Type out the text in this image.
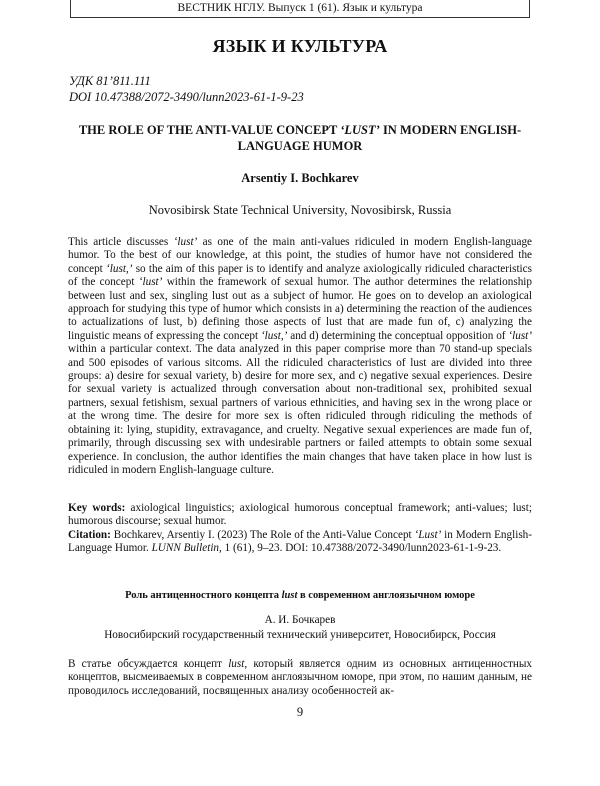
ВЕСТНИК НГЛУ. Выпуск 1 (61). Язык и культура
ЯЗЫК И КУЛЬТУРА
УДК 81’811.111
DOI 10.47388/2072-3490/lunn2023-61-1-9-23
THE ROLE OF THE ANTI-VALUE CONCEPT ‘LUST’ IN MODERN ENGLISH-LANGUAGE HUMOR
Arsentiy I. Bochkarev
Novosibirsk State Technical University, Novosibirsk, Russia

This article discusses ‘lust’ as one of the main anti-values ridiculed in modern English-language humor. To the best of our knowledge, at this point, the studies of humor have not considered the concept ‘lust,’ so the aim of this paper is to identify and analyze axiologically ridiculed characteristics of the concept ‘lust’ within the framework of sexual humor. The author determines the relationship between lust and sex, singling lust out as a subject of humor. He goes on to develop an axiological approach for studying this type of humor which consists in a) determining the reaction of the audiences to actualizations of lust, b) defining those aspects of lust that are made fun of, c) analyzing the linguistic means of expressing the concept ‘lust,’ and d) determining the conceptual opposition of ‘lust’ within a particular context. The data analyzed in this paper comprise more than 70 stand-up specials and 500 episodes of various sitcoms. All the ridiculed characteristics of lust are divided into three groups: a) desire for sexual variety, b) desire for more sex, and c) negative sexual experiences. Desire for sexual variety is actualized through conversation about non-traditional sex, prohibited sexual partners, sexual fetishism, sexual partners of various ethnicities, and having sex in the wrong place or at the wrong time. The desire for more sex is often ridiculed through ridiculing the methods of obtaining it: lying, stupidity, extravagance, and cruelty. Negative sexual experiences are made fun of, primarily, through discussing sex with undesirable partners or failed attempts to obtain some sexual experience. In conclusion, the author identifies the main changes that have taken place in how lust is ridiculed in modern English-language culture.

Key words: axiological linguistics; axiological humorous conceptual framework; anti-values; lust; humorous discourse; sexual humor.

Citation: Bochkarev, Arsentiy I. (2023) The Role of the Anti-Value Concept ‘Lust’ in Modern English-Language Humor. LUNN Bulletin, 1 (61), 9–23. DOI: 10.47388/2072-3490/lunn2023-61-1-9-23.

Роль антиценностного концепта lust в современном англоязычном юморе
А. И. Бочкарев
Новосибирский государственный технический университет, Новосибирск, Россия

В статье обсуждается концепт lust, который является одним из основных антиценностных концептов, высмеиваемых в современном англоязычном юморе, при этом, по нашим данным, не проводилось исследований, посвященных анализу особенностей ак-

9
